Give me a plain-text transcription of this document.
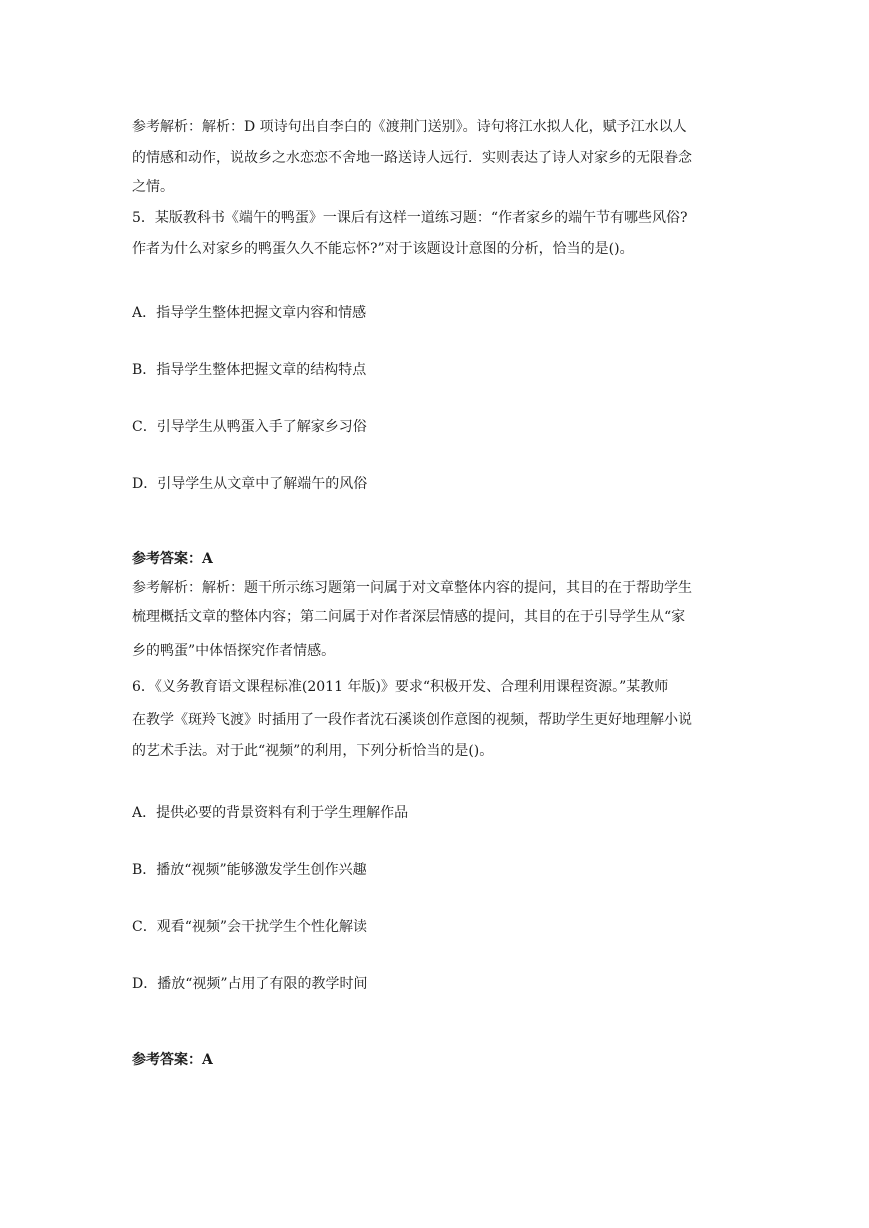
参考解析：解析：D 项诗句出自李白的《渡荆门送别》。诗句将江水拟人化，赋予江水以人
的情感和动作，说故乡之水恋恋不舍地一路送诗人远行．实则表达了诗人对家乡的无限眷念
之情。
5．某版教科书《端午的鸭蛋》一课后有这样一道练习题：“作者家乡的端午节有哪些风俗?
作者为什么对家乡的鸭蛋久久不能忘怀?”对于该题设计意图的分析，恰当的是()。
A．指导学生整体把握文章内容和情感
B．指导学生整体把握文章的结构特点
C．引导学生从鸭蛋入手了解家乡习俗
D．引导学生从文章中了解端午的风俗
参考答案：A
参考解析：解析：题干所示练习题第一问属于对文章整体内容的提问，其目的在于帮助学生
梳理概括文章的整体内容；第二问属于对作者深层情感的提问，其目的在于引导学生从“家
乡的鸭蛋”中体悟探究作者情感。
6．《义务教育语文课程标准(2011 年版)》要求“积极开发、合理利用课程资源。”某教师
在教学《斑羚飞渡》时插用了一段作者沈石溪谈创作意图的视频，帮助学生更好地理解小说
的艺术手法。对于此“视频”的利用，下列分析恰当的是()。
A．提供必要的背景资料有利于学生理解作品
B．播放“视频”能够激发学生创作兴趣
C．观看“视频”会干扰学生个性化解读
D．播放“视频”占用了有限的教学时间
参考答案：A
